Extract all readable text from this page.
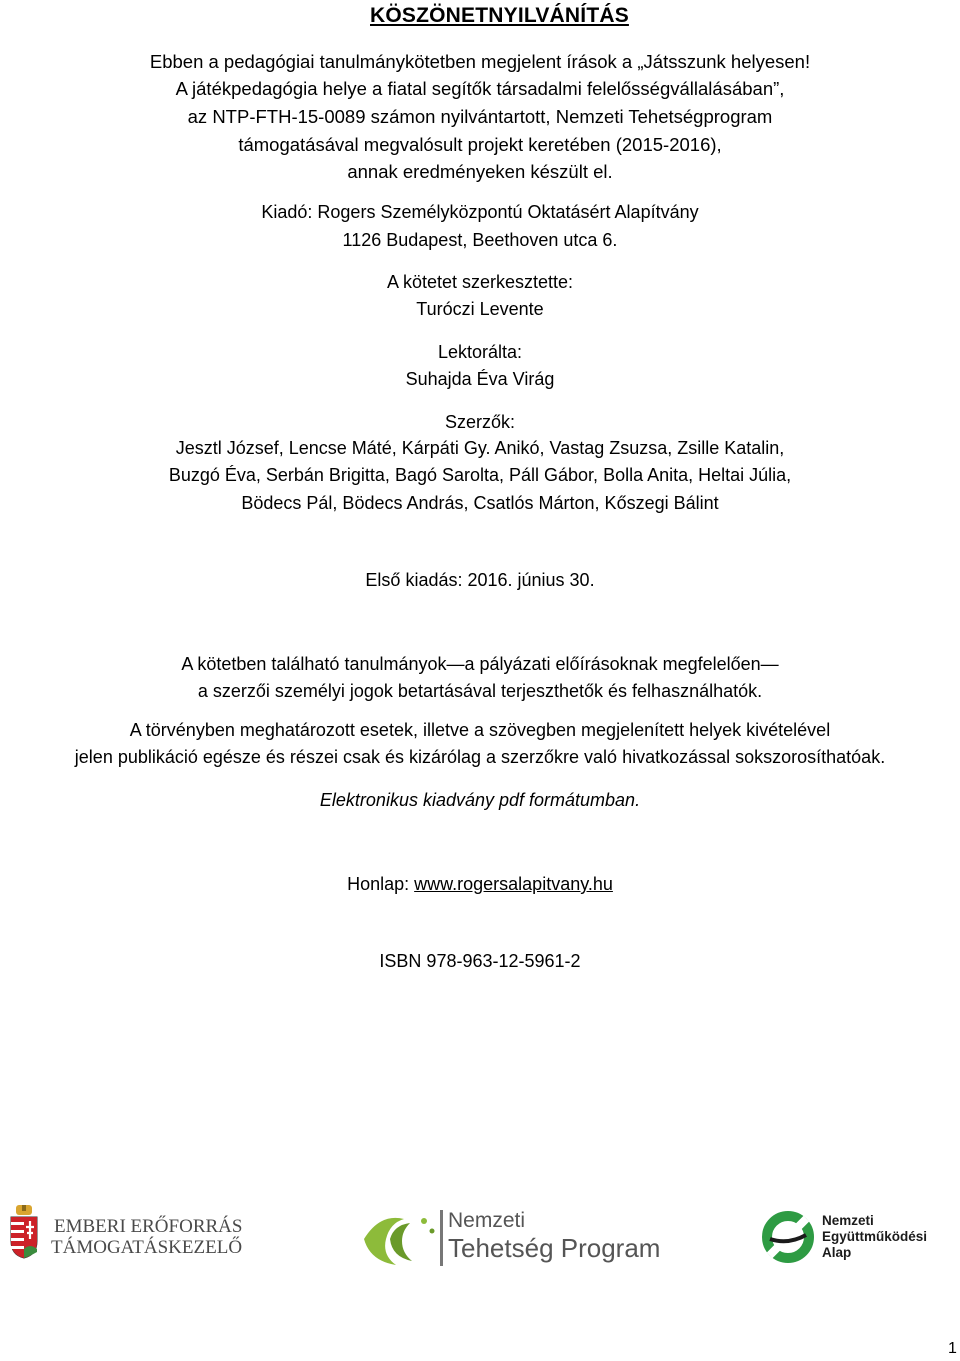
KÖSZÖNETNYILVÁNÍTÁS
Ebben a pedagógiai tanulmánykötetben megjelent írások a „Játsszunk helyesen!
A játékpedagógia helye a fiatal segítők társadalmi felelősségvállalásában”,
az NTP-FTH-15-0089 számon nyilvántartott, Nemzeti Tehetségprogram
támogatásával megvalósult projekt keretében (2015-2016),
annak eredményeken készült el.
Kiadó: Rogers Személyközpontú Oktatásért Alapítvány
1126 Budapest, Beethoven utca 6.
A kötetet szerkesztette:
Turóczi Levente
Lektorálta:
Suhajda Éva Virág
Szerzők:
Jesztl József, Lencse Máté, Kárpáti Gy. Anikó, Vastag Zsuzsa, Zsille Katalin,
Buzgó Éva, Serbán Brigitta, Bagó Sarolta, Páll Gábor, Bolla Anita, Heltai Júlia,
Bödecs Pál, Bödecs András, Csatlós Márton, Kőszegi Bálint
Első kiadás: 2016. június 30.
A kötetben található tanulmányok—a pályázati előírásoknak megfelelően—
a szerzői személyi jogok betartásával terjeszthetők és felhasználhatók.
A törvényben meghatározott esetek, illetve a szövegben megjelenített helyek kivételével
jelen publikáció egésze és részei csak és kizárólag a szerzőkre való hivatkozással sokszorosíthatóak.
Elektronikus kiadvány pdf formátumban.
Honlap: www.rogersalapitvany.hu
ISBN 978-963-12-5961-2
EMBERI ERŐFORRÁS
TÁMOGATÁSKEZELŐ
Nemzeti
Tehetség Program
Nemzeti
Együttműködési
Alap
1
